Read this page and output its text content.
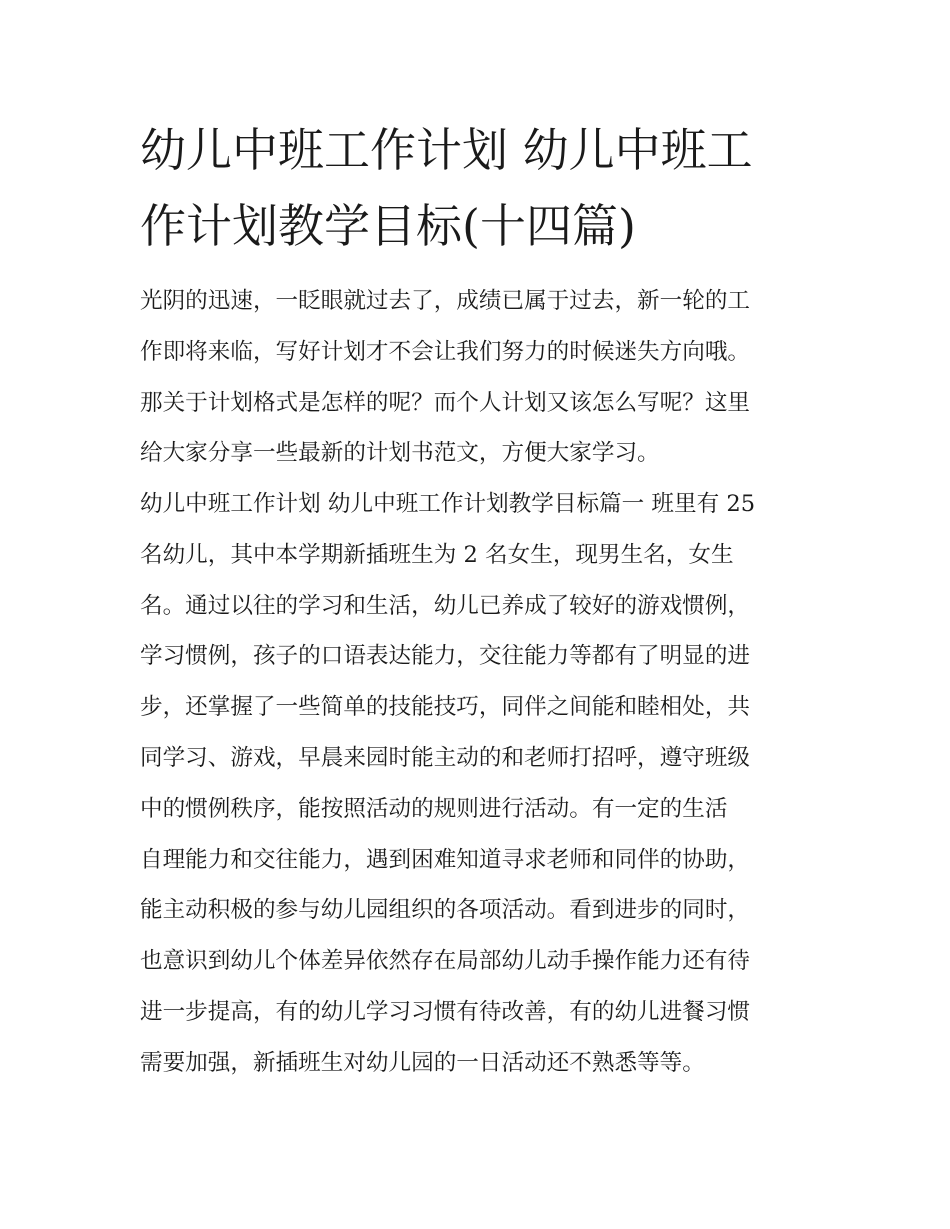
幼儿中班工作计划 幼儿中班工
作计划教学目标(十四篇)
光阴的迅速，一眨眼就过去了，成绩已属于过去，新一轮的工
作即将来临，写好计划才不会让我们努力的时候迷失方向哦。
那关于计划格式是怎样的呢？而个人计划又该怎么写呢？这里
给大家分享一些最新的计划书范文，方便大家学习。
幼儿中班工作计划 幼儿中班工作计划教学目标篇一 班里有 25
名幼儿，其中本学期新插班生为 2 名女生，现男生名，女生
名。通过以往的学习和生活，幼儿已养成了较好的游戏惯例，
学习惯例，孩子的口语表达能力，交往能力等都有了明显的进
步，还掌握了一些简单的技能技巧，同伴之间能和睦相处，共
同学习、游戏，早晨来园时能主动的和老师打招呼，遵守班级
中的惯例秩序，能按照活动的规则进行活动。有一定的生活
自理能力和交往能力，遇到困难知道寻求老师和同伴的协助，
能主动积极的参与幼儿园组织的各项活动。看到进步的同时，
也意识到幼儿个体差异依然存在局部幼儿动手操作能力还有待
进一步提高，有的幼儿学习习惯有待改善，有的幼儿进餐习惯
需要加强，新插班生对幼儿园的一日活动还不熟悉等等。
